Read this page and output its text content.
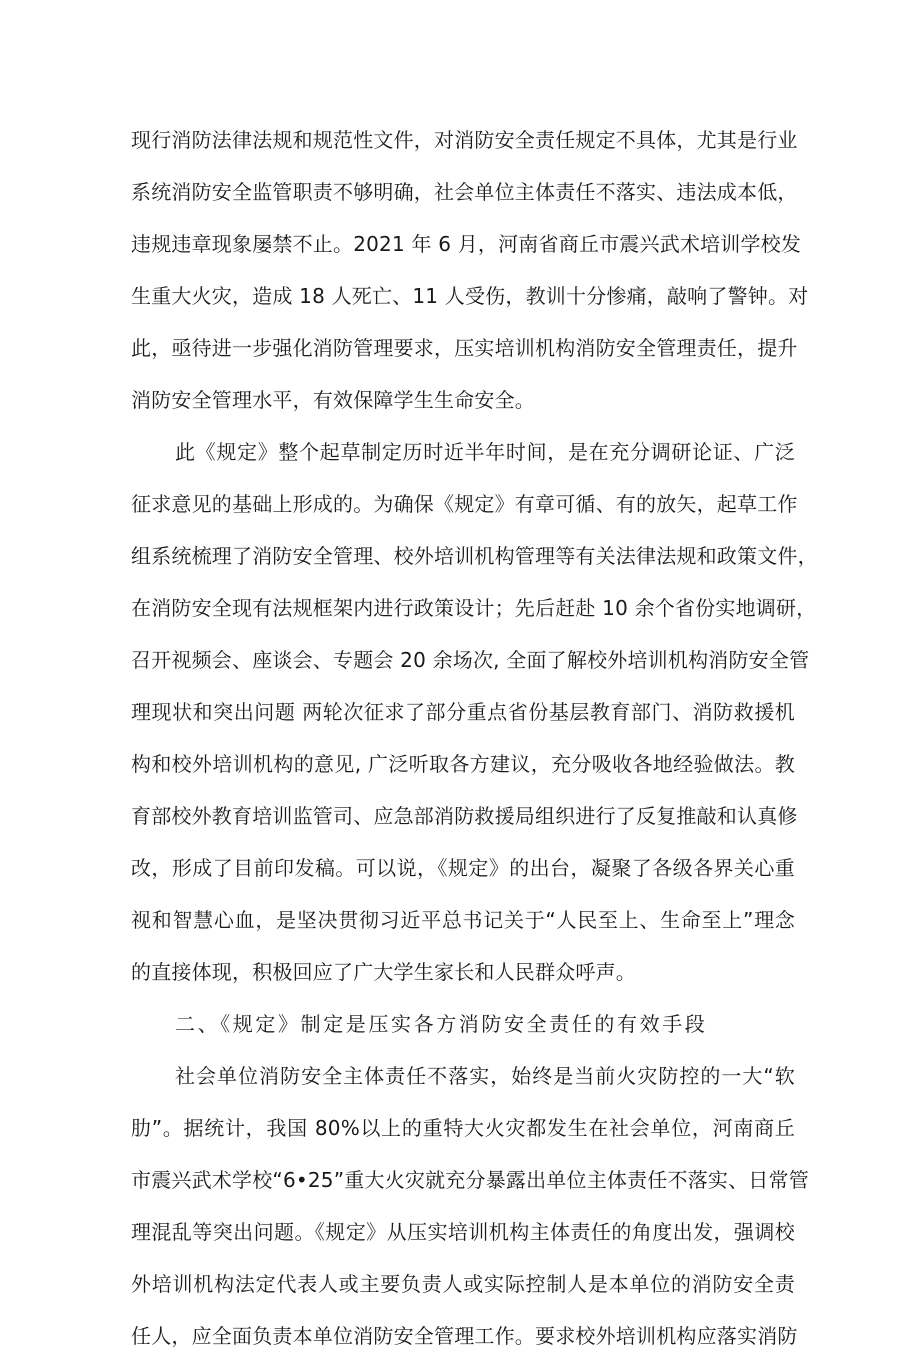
现行消防法律法规和规范性文件，对消防安全责任规定不具体，尤其是行业
系统消防安全监管职责不够明确，社会单位主体责任不落实、违法成本低，
违规违章现象屡禁不止。2021 年 6 月，河南省商丘市震兴武术培训学校发
生重大火灾，造成 18 人死亡、11 人受伤，教训十分惨痛，敲响了警钟。对
此，亟待进一步强化消防管理要求，压实培训机构消防安全管理责任，提升
消防安全管理水平，有效保障学生生命安全。
此《规定》整个起草制定历时近半年时间，是在充分调研论证、广泛
征求意见的基础上形成的。为确保《规定》有章可循、有的放矢，起草工作
组系统梳理了消防安全管理、校外培训机构管理等有关法律法规和政策文件，
在消防安全现有法规框架内进行政策设计；先后赶赴 10 余个省份实地调研，
召开视频会、座谈会、专题会 20 余场次, 全面了解校外培训机构消防安全管
理现状和突出问题 两轮次征求了部分重点省份基层教育部门、消防救援机
构和校外培训机构的意见, 广泛听取各方建议，充分吸收各地经验做法。教
育部校外教育培训监管司、应急部消防救援局组织进行了反复推敲和认真修
改，形成了目前印发稿。可以说，《规定》的出台，凝聚了各级各界关心重
视和智慧心血，是坚决贯彻习近平总书记关于“人民至上、生命至上”理念
的直接体现，积极回应了广大学生家长和人民群众呼声。
二、《规定》制定是压实各方消防安全责任的有效手段
社会单位消防安全主体责任不落实，始终是当前火灾防控的一大“软
肋”。据统计，我国 80%以上的重特大火灾都发生在社会单位，河南商丘
市震兴武术学校“6•25”重大火灾就充分暴露出单位主体责任不落实、日常管
理混乱等突出问题。《规定》从压实培训机构主体责任的角度出发，强调校
外培训机构法定代表人或主要负责人或实际控制人是本单位的消防安全责
任人，应全面负责本单位消防安全管理工作。要求校外培训机构应落实消防
